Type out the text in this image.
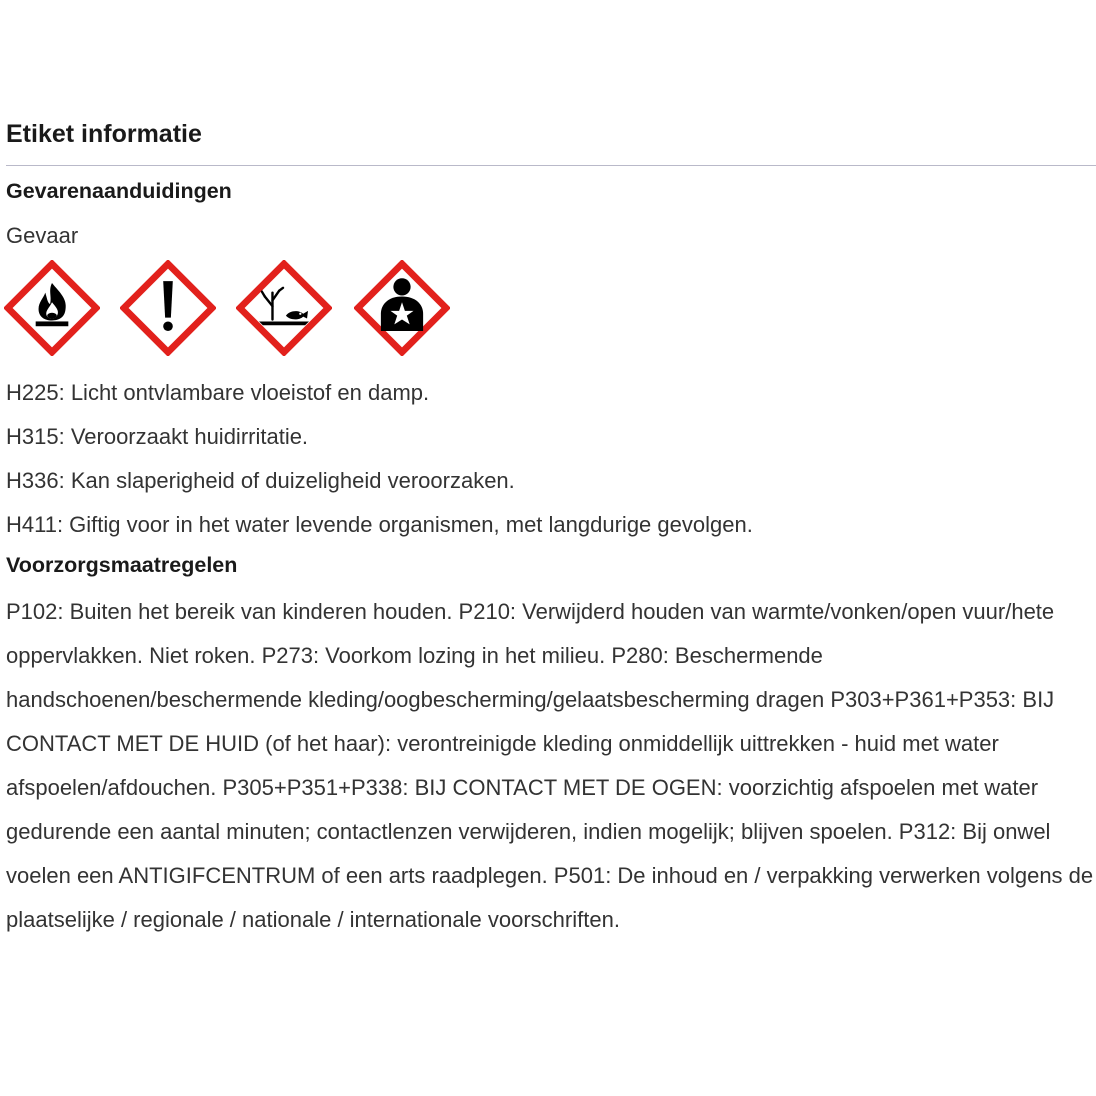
Etiket informatie
Gevarenaanduidingen
Gevaar
H225: Licht ontvlambare vloeistof en damp.
H315: Veroorzaakt huidirritatie.
H336: Kan slaperigheid of duizeligheid veroorzaken.
H411: Giftig voor in het water levende organismen, met langdurige gevolgen.
Voorzorgsmaatregelen

P102: Buiten het bereik van kinderen houden. P210: Verwijderd houden van warmte/vonken/open vuur/hete oppervlakken. Niet roken. P273: Voorkom lozing in het milieu. P280: Beschermende handschoenen/beschermende kleding/oogbescherming/gelaatsbescherming dragen P303+P361+P353: BIJ CONTACT MET DE HUID (of het haar): verontreinigde kleding onmiddellijk uittrekken - huid met water afspoelen/afdouchen. P305+P351+P338: BIJ CONTACT MET DE OGEN: voorzichtig afspoelen met water gedurende een aantal minuten; contactlenzen verwijderen, indien mogelijk; blijven spoelen. P312: Bij onwel voelen een ANTIGIFCENTRUM of een arts raadplegen. P501: De inhoud en / verpakking verwerken volgens de plaatselijke / regionale / nationale / internationale voorschriften.
